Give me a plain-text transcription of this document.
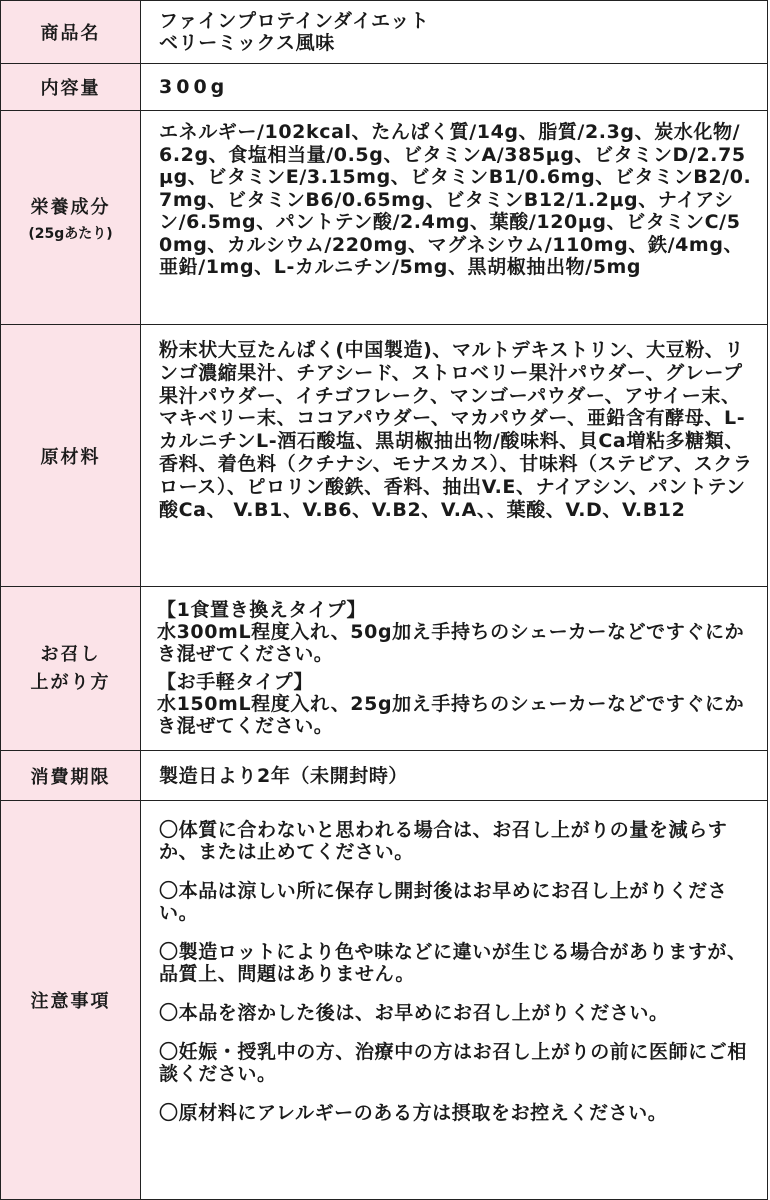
商品名
ファインプロテインダイエット
ベリーミックス風味
内容量	300g
栄養成分
(25gあたり)
エネルギー/102kcal、たんぱく質/14g、脂質/2.3g、炭水化物/6.2g、食塩相当量/0.5g、ビタミンA/385μg、ビタミンD/2.75μg、ビタミンE/3.15mg、ビタミンB1/0.6mg、ビタミンB2/0.7mg、ビタミンB6/0.65mg、ビタミンB12/1.2μg、ナイアシン/6.5mg、パントテン酸/2.4mg、葉酸/120μg、ビタミンC/50mg、カルシウム/220mg、マグネシウム/110mg、鉄/4mg、亜鉛/1mg、L-カルニチン/5mg、黒胡椒抽出物/5mg
原材料
粉末状大豆たんぱく(中国製造)、マルトデキストリン、大豆粉、リンゴ濃縮果汁、チアシード、ストロベリー果汁パウダー、グレープ果汁パウダー、イチゴフレーク、マンゴーパウダー、アサイー末、マキベリー末、ココアパウダー、マカパウダー、亜鉛含有酵母、L-カルニチンL-酒石酸塩、黒胡椒抽出物/酸味料、貝Ca増粘多糖類、香料、着色料（クチナシ、モナスカス）、甘味料（ステビア、スクラロース）、ピロリン酸鉄、香料、抽出V.E、ナイアシン、パントテン酸Ca、 V.B1、V.B6、V.B2、V.A、、葉酸、V.D、V.B12
お召し
上がり方
【1食置き換えタイプ】
水300mL程度入れ、50g加え手持ちのシェーカーなどですぐにかき混ぜてください。
【お手軽タイプ】
水150mL程度入れ、25g加え手持ちのシェーカーなどですぐにかき混ぜてください。
消費期限	製造日より2年（未開封時）
注意事項

〇体質に合わないと思われる場合は、お召し上がりの量を減らすか、または止めてください。

〇本品は涼しい所に保存し開封後はお早めにお召し上がりください。

〇製造ロットにより色や味などに違いが生じる場合がありますが、品質上、問題はありません。

〇本品を溶かした後は、お早めにお召し上がりください。

〇妊娠・授乳中の方、治療中の方はお召し上がりの前に医師にご相談ください。

〇原材料にアレルギーのある方は摂取をお控えください。
